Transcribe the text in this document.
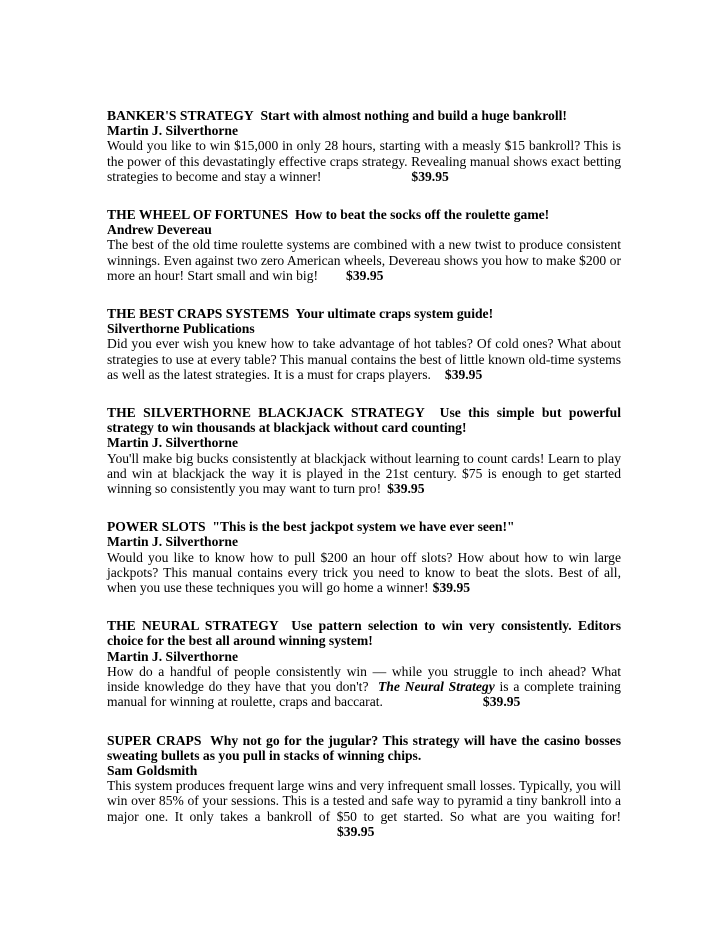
BANKER'S STRATEGY Start with almost nothing and build a huge bankroll!
Martin J. Silverthorne
Would you like to win $15,000 in only 28 hours, starting with a measly $15 bankroll? This is the power of this devastatingly effective craps strategy. Revealing manual shows exact betting strategies to become and stay a winner!	$39.95
THE WHEEL OF FORTUNES How to beat the socks off the roulette game!
Andrew Devereau
The best of the old time roulette systems are combined with a new twist to produce consistent winnings. Even against two zero American wheels, Devereau shows you how to make $200 or more an hour! Start small and win big! $39.95
THE BEST CRAPS SYSTEMS Your ultimate craps system guide!
Silverthorne Publications
Did you ever wish you knew how to take advantage of hot tables? Of cold ones? What about strategies to use at every table? This manual contains the best of little known old-time systems as well as the latest strategies. It is a must for craps players. $39.95
THE SILVERTHORNE BLACKJACK STRATEGY Use this simple but powerful strategy to win thousands at blackjack without card counting!
Martin J. Silverthorne
You'll make big bucks consistently at blackjack without learning to count cards! Learn to play and win at blackjack the way it is played in the 21st century. $75 is enough to get started winning so consistently you may want to turn pro! $39.95
POWER SLOTS "This is the best jackpot system we have ever seen!"
Martin J. Silverthorne
Would you like to know how to pull $200 an hour off slots? How about how to win large jackpots? This manual contains every trick you need to know to beat the slots. Best of all, when you use these techniques you will go home a winner! $39.95
THE NEURAL STRATEGY Use pattern selection to win very consistently. Editors choice for the best all around winning system!
Martin J. Silverthorne
How do a handful of people consistently win — while you struggle to inch ahead? What inside knowledge do they have that you don't? The Neural Strategy is a complete training manual for winning at roulette, craps and baccarat.	$39.95
SUPER CRAPS Why not go for the jugular? This strategy will have the casino bosses sweating bullets as you pull in stacks of winning chips.
Sam Goldsmith
This system produces frequent large wins and very infrequent small losses. Typically, you will win over 85% of your sessions. This is a tested and safe way to pyramid a tiny bankroll into a major one. It only takes a bankroll of $50 to get started. So what are you waiting for!$39.95
